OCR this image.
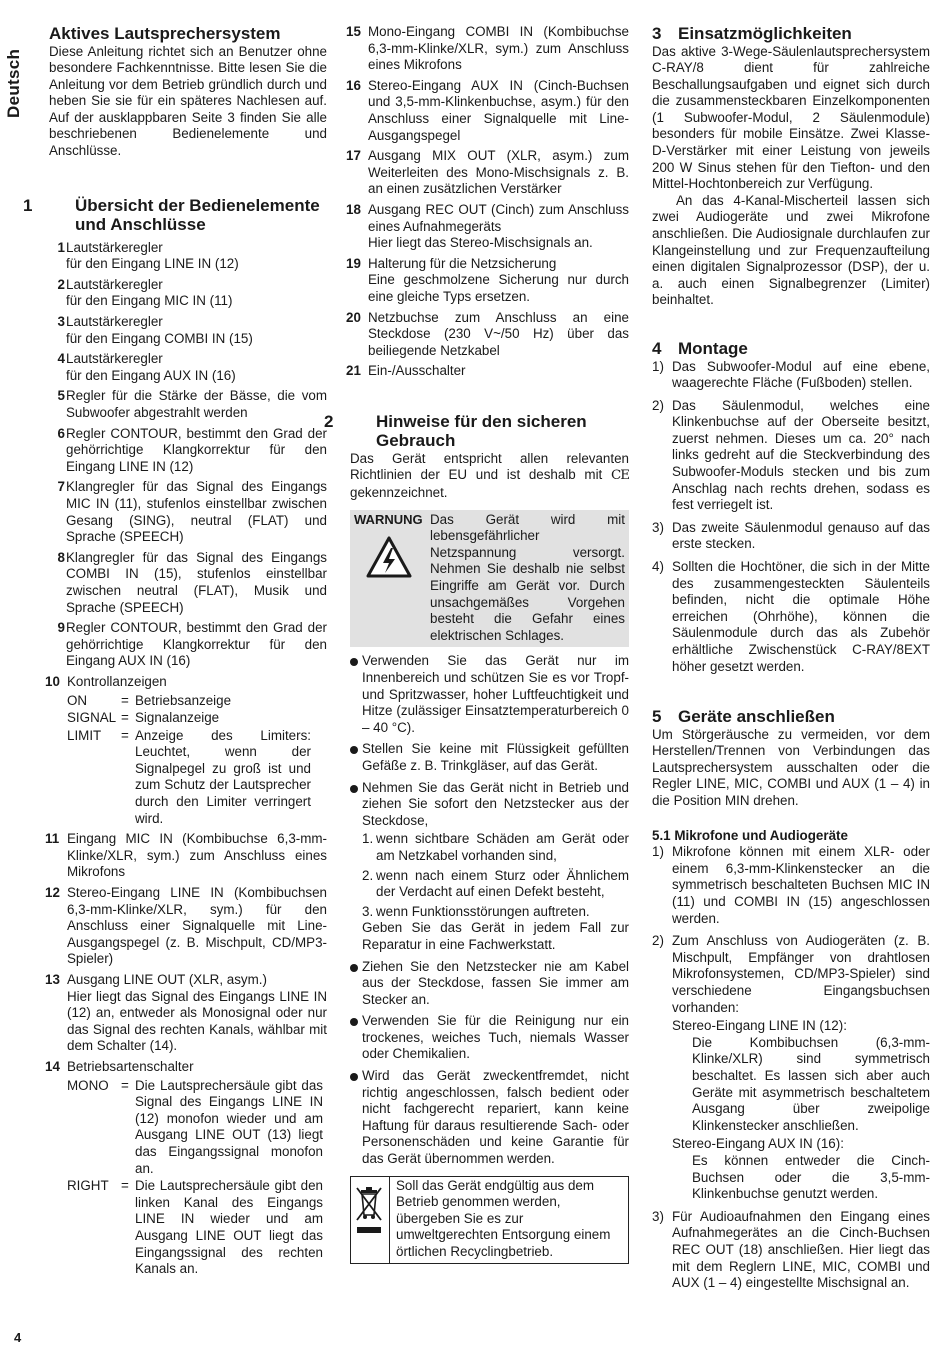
Deutsch
Aktives Lautsprechersystem

Diese Anleitung richtet sich an Benutzer ohne besondere Fachkenntnisse. Bitte lesen Sie die Anleitung vor dem Betrieb gründlich durch und heben Sie sie für ein späteres Nachlesen auf. Auf der ausklappbaren Seite 3 finden Sie alle beschriebenen Bedienelemente und Anschlüsse.

1	Übersicht der Bedienelemente und Anschlüsse
1 Lautstärkeregler
für den Eingang LINE IN (12)
2 Lautstärkeregler
für den Eingang MIC IN (11)
3 Lautstärkeregler
für den Eingang COMBI IN (15)
4 Lautstärkeregler
für den Eingang AUX IN (16)
5 Regler für die Stärke der Bässe, die vom Subwoofer abgestrahlt werden
6 Regler CONTOUR, bestimmt den Grad der gehörrichtige Klangkorrektur für den Eingang LINE IN (12)
7 Klangregler für das Signal des Eingangs MIC IN (11), stufenlos einstellbar zwischen Gesang (SING), neutral (FLAT) und Sprache (SPEECH)
8 Klangregler für das Signal des Eingangs COMBI IN (15), stufenlos einstellbar zwischen neutral (FLAT), Musik und Sprache (SPEECH)
9 Regler CONTOUR, bestimmt den Grad der gehörrichtige Klangkorrektur für den Eingang AUX IN (16)
10 Kontrollanzeigen
ON	= Betriebsanzeige
SIGNAL = Signalanzeige
LIMIT	= Anzeige des Limiters: Leuchtet, wenn der Signalpegel zu groß ist und zum Schutz der Lautsprecher durch den Limiter verringert wird.
11 Eingang MIC IN (Kombibuchse 6,3-mm-Klinke/XLR, sym.) zum Anschluss eines Mikrofons
12 Stereo-Eingang LINE IN (Kombibuchsen 6,3-mm-Klinke/XLR, sym.) für den Anschluss einer Signalquelle mit Line-Ausgangspegel (z. B. Mischpult, CD/MP3-Spieler)
13 Ausgang LINE OUT (XLR, asym.)
Hier liegt das Signal des Eingangs LINE IN (12) an, entweder als Monosignal oder nur das Signal des rechten Kanals, wählbar mit dem Schalter (14).
14 Betriebsartenschalter
MONO = Die Lautsprechersäule gibt das Signal des Eingangs LINE IN (12) monofon wieder und am Ausgang LINE OUT (13) liegt das Eingangssignal monofon an.
RIGHT = Die Lautsprechersäule gibt den linken Kanal des Eingangs LINE IN wieder und am Ausgang LINE OUT liegt das Eingangssignal des rechten Kanals an.
15 Mono-Eingang COMBI IN (Kombibuchse 6,3-mm-Klinke/XLR, sym.) zum Anschluss eines Mikrofons
16 Stereo-Eingang AUX IN (Cinch-Buchsen und 3,5-mm-Klinkenbuchse, asym.) für den Anschluss einer Signalquelle mit Line-Ausgangspegel
17 Ausgang MIX OUT (XLR, asym.) zum Weiterleiten des Mono-Mischsignals z. B. an einen zusätzlichen Verstärker
18 Ausgang REC OUT (Cinch) zum Anschluss eines Aufnahmegeräts
Hier liegt das Stereo-Mischsignals an.
19 Halterung für die Netzsicherung
Eine geschmolzene Sicherung nur durch eine gleiche Typs ersetzen.
20 Netzbuchse zum Anschluss an eine Steckdose (230 V~/50 Hz) über das beiliegende Netzkabel
21 Ein-/Ausschalter
2	Hinweise für den sicheren Gebrauch

Das Gerät entspricht allen relevanten Richtlinien der EU und ist deshalb mit CE gekennzeichnet.

WARNUNG Das Gerät wird mit lebensgefährlicher Netzspannung versorgt. Nehmen Sie deshalb nie selbst Eingriffe am Gerät vor. Durch unsachgemäßes Vorgehen besteht die Gefahr eines elektrischen Schlages.
Verwenden Sie das Gerät nur im Innenbereich und schützen Sie es vor Tropf- und Spritzwasser, hoher Luftfeuchtigkeit und Hitze (zulässiger Einsatztemperaturbereich 0 – 40 °C).
Stellen Sie keine mit Flüssigkeit gefüllten Gefäße z. B. Trinkgläser, auf das Gerät.
Nehmen Sie das Gerät nicht in Betrieb und ziehen Sie sofort den Netzstecker aus der Steckdose,
1. wenn sichtbare Schäden am Gerät oder am Netzkabel vorhanden sind,
2. wenn nach einem Sturz oder Ähnlichem der Verdacht auf einen Defekt besteht,
3. wenn Funktionsstörungen auftreten.
Geben Sie das Gerät in jedem Fall zur Reparatur in eine Fachwerkstatt.
Ziehen Sie den Netzstecker nie am Kabel aus der Steckdose, fassen Sie immer am Stecker an.
Verwenden Sie für die Reinigung nur ein trockenes, weiches Tuch, niemals Wasser oder Chemikalien.
Wird das Gerät zweckentfremdet, nicht richtig angeschlossen, falsch bedient oder nicht fachgerecht repariert, kann keine Haftung für daraus resultierende Sach- oder Personenschäden und keine Garantie für das Gerät übernommen werden.
Soll das Gerät endgültig aus dem Betrieb genommen werden, übergeben Sie es zur umweltgerechten Entsorgung einem örtlichen Recyclingbetrieb.
3 Einsatzmöglichkeiten

Das aktive 3-Wege-Säulenlautsprechersystem C-RAY/8 dient für zahlreiche Beschallungsaufgaben und eignet sich durch die zusammensteckbaren Einzelkomponenten (1 Subwoofer-Modul, 2 Säulenmodule) besonders für mobile Einsätze. Zwei Klasse-D-Verstärker mit einer Leistung von jeweils 200 W Sinus stehen für den Tiefton- und den Mittel-Hochtonbereich zur Verfügung.

An das 4-Kanal-Mischerteil lassen sich zwei Audiogeräte und zwei Mikrofone anschließen. Die Audiosignale durchlaufen zur Klangeinstellung und zur Frequenzaufteilung einen digitalen Signalprozessor (DSP), der u. a. auch einen Signalbegrenzer (Limiter) beinhaltet.

4 Montage
1) Das Subwoofer-Modul auf eine ebene, waagerechte Fläche (Fußboden) stellen.
2) Das Säulenmodul, welches eine Klinkenbuchse auf der Oberseite besitzt, zuerst nehmen. Dieses um ca. 20° nach links gedreht auf die Steckverbindung des Subwoofer-Moduls stecken und bis zum Anschlag nach rechts drehen, sodass es fest verriegelt ist.
3) Das zweite Säulenmodul genauso auf das erste stecken.
4) Sollten die Hochtöner, die sich in der Mitte des zusammengesteckten Säulenteils befinden, nicht die optimale Höhe erreichen (Ohrhöhe), können die Säulenmodule durch das als Zubehör erhältliche Zwischenstück C-RAY/8EXT höher gesetzt werden.
5 Geräte anschließen

Um Störgeräusche zu vermeiden, vor dem Herstellen/Trennen von Verbindungen das Lautsprechersystem ausschalten oder die Regler LINE, MIC, COMBI und AUX (1 – 4) in die Position MIN drehen.

5.1 Mikrofone und Audiogeräte
1) Mikrofone können mit einem XLR- oder einem 6,3-mm-Klinkenstecker an die symmetrisch beschalteten Buchsen MIC IN (11) und COMBI IN (15) angeschlossen werden.
2) Zum Anschluss von Audiogeräten (z. B. Mischpult, Empfänger von drahtlosen Mikrofonsystemen, CD/MP3-Spieler) sind verschiedene Eingangsbuchsen vorhanden:
Stereo-Eingang LINE IN (12):
Die Kombibuchsen (6,3-mm-Klinke/XLR) sind symmetrisch beschaltet. Es lassen sich aber auch Geräte mit asymmetrisch beschaltetem Ausgang über zweipolige Klinkenstecker anschließen.
Stereo-Eingang AUX IN (16):
Es können entweder die Cinch-Buchsen oder die 3,5-mm-Klinkenbuchse genutzt werden.
3) Für Audioaufnahmen den Eingang eines Aufnahmegerätes an die Cinch-Buchsen REC OUT (18) anschließen. Hier liegt das mit dem Reglern LINE, MIC, COMBI und AUX (1 – 4) eingestellte Mischsignal an.
4
